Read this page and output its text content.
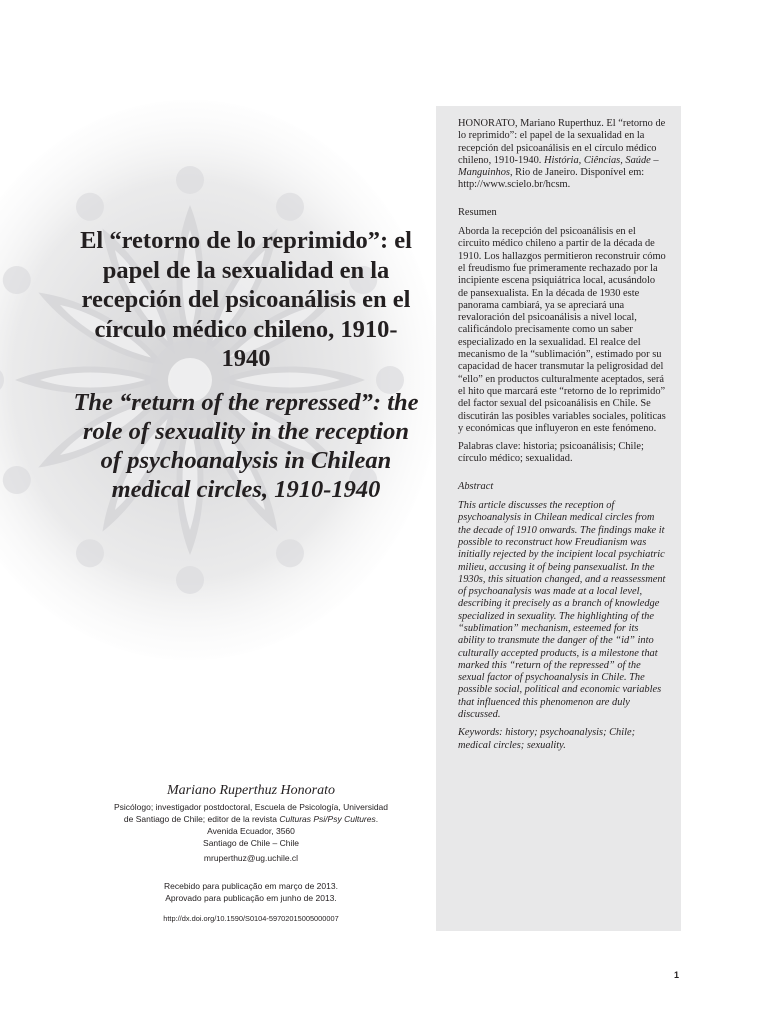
El “retorno de lo reprimido”: el papel de la sexualidad en la recepción del psicoanálisis en el círculo médico chileno, 1910-1940
The “return of the repressed”: the role of sexuality in the reception of psychoanalysis in Chilean medical circles, 1910-1940

Mariano Ruperthuz Honorato

Psicólogo; investigador postdoctoral, Escuela de Psicología, Universidad

de Santiago de Chile; editor de la revista Culturas Psi/Psy Cultures.

Avenida Ecuador, 3560

Santiago de Chile – Chile

mruperthuz@ug.uchile.cl

Recebido para publicação em março de 2013.

Aprovado para publicação em junho de 2013.

http://dx.doi.org/10.1590/S0104-59702015005000007

HONORATO, Mariano Ruperthuz. El “retorno de lo reprimido”: el papel de la sexualidad en la recepción del psicoanálisis en el círculo médico chileno, 1910-1940. História, Ciências, Saúde – Manguinhos, Rio de Janeiro. Disponível em: http://www.scielo.br/hcsm.

Resumen

Aborda la recepción del psicoanálisis en el circuito médico chileno a partir de la década de 1910. Los hallazgos permitieron reconstruir cómo el freudismo fue primeramente rechazado por la incipiente escena psiquiátrica local, acusándolo de pansexualista. En la década de 1930 este panorama cambiará, ya se apreciará una revaloración del psicoanálisis a nivel local, calificándolo precisamente como un saber especializado en la sexualidad. El realce del mecanismo de la “sublimación”, estimado por su capacidad de hacer transmutar la peligrosidad del “ello” en productos culturalmente aceptados, será el hito que marcará este “retorno de lo reprimido” del factor sexual del psicoanálisis en Chile. Se discutirán las posibles variables sociales, políticas y económicas que influyeron en este fenómeno.

Palabras clave: historia; psicoanálisis; Chile; círculo médico; sexualidad.

Abstract

This article discusses the reception of psychoanalysis in Chilean medical circles from the decade of 1910 onwards. The findings make it possible to reconstruct how Freudianism was initially rejected by the incipient local psychiatric milieu, accusing it of being pansexualist. In the 1930s, this situation changed, and a reassessment of psychoanalysis was made at a local level, describing it precisely as a branch of knowledge specialized in sexuality. The highlighting of the “sublimation” mechanism, esteemed for its ability to transmute the danger of the “id” into culturally accepted products, is a milestone that marked this “return of the repressed” of the sexual factor of psychoanalysis in Chile. The possible social, political and economic variables that influenced this phenomenon are duly discussed.

Keywords: history; psychoanalysis; Chile; medical circles; sexuality.

1
